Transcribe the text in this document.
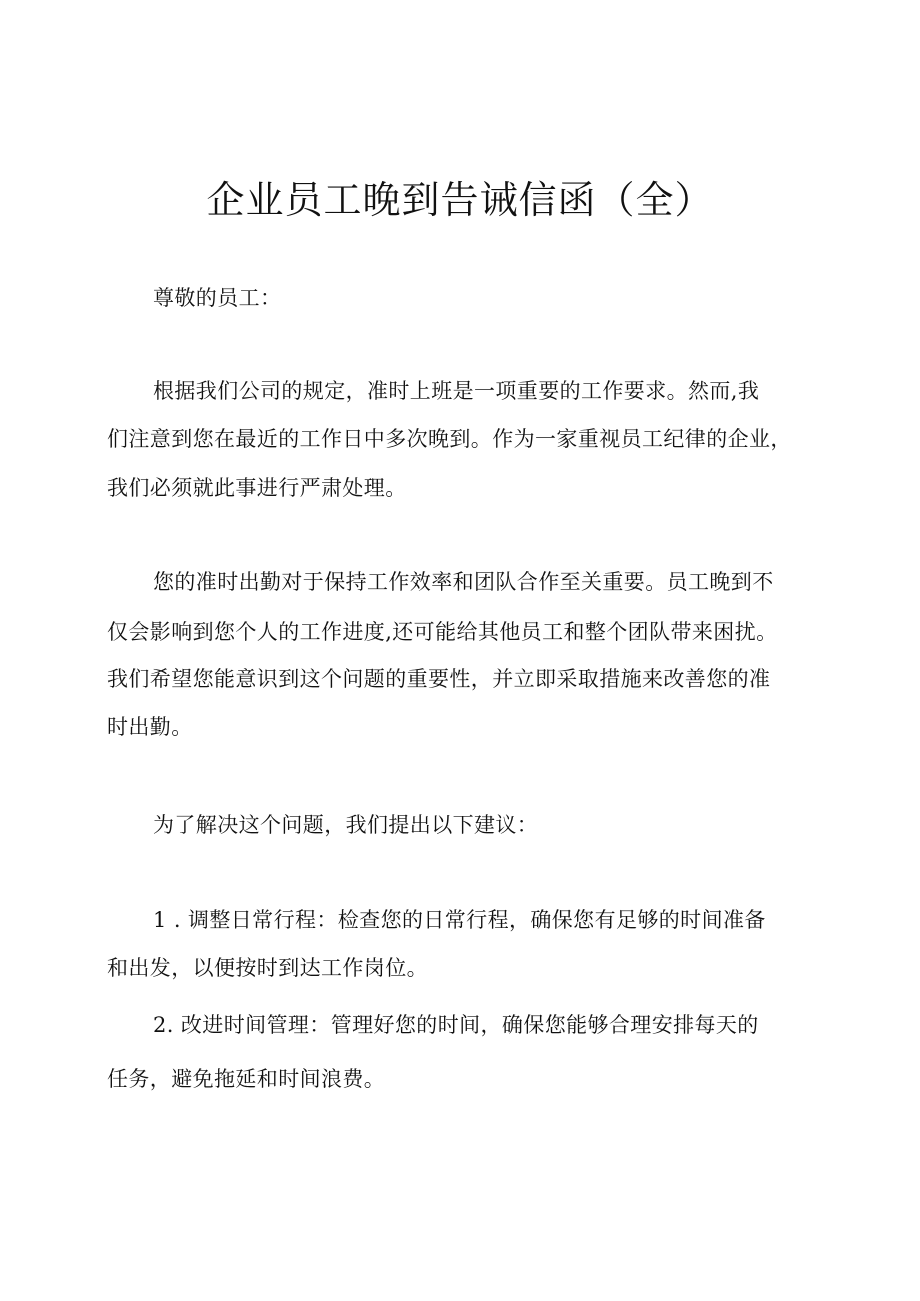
企业员工晚到告诫信函（全）

尊敬的员工：

根据我们公司的规定，准时上班是一项重要的工作要求。然而,我

们注意到您在最近的工作日中多次晚到。作为一家重视员工纪律的企业，

我们必须就此事进行严肃处理。

您的准时出勤对于保持工作效率和团队合作至关重要。员工晚到不

仅会影响到您个人的工作进度,还可能给其他员工和整个团队带来困扰。

我们希望您能意识到这个问题的重要性，并立即采取措施来改善您的准

时出勤。

为了解决这个问题，我们提出以下建议：

1 . 调整日常行程：检查您的日常行程，确保您有足够的时间准备

和出发，以便按时到达工作岗位。

2. 改进时间管理：管理好您的时间，确保您能够合理安排每天的

任务，避免拖延和时间浪费。
